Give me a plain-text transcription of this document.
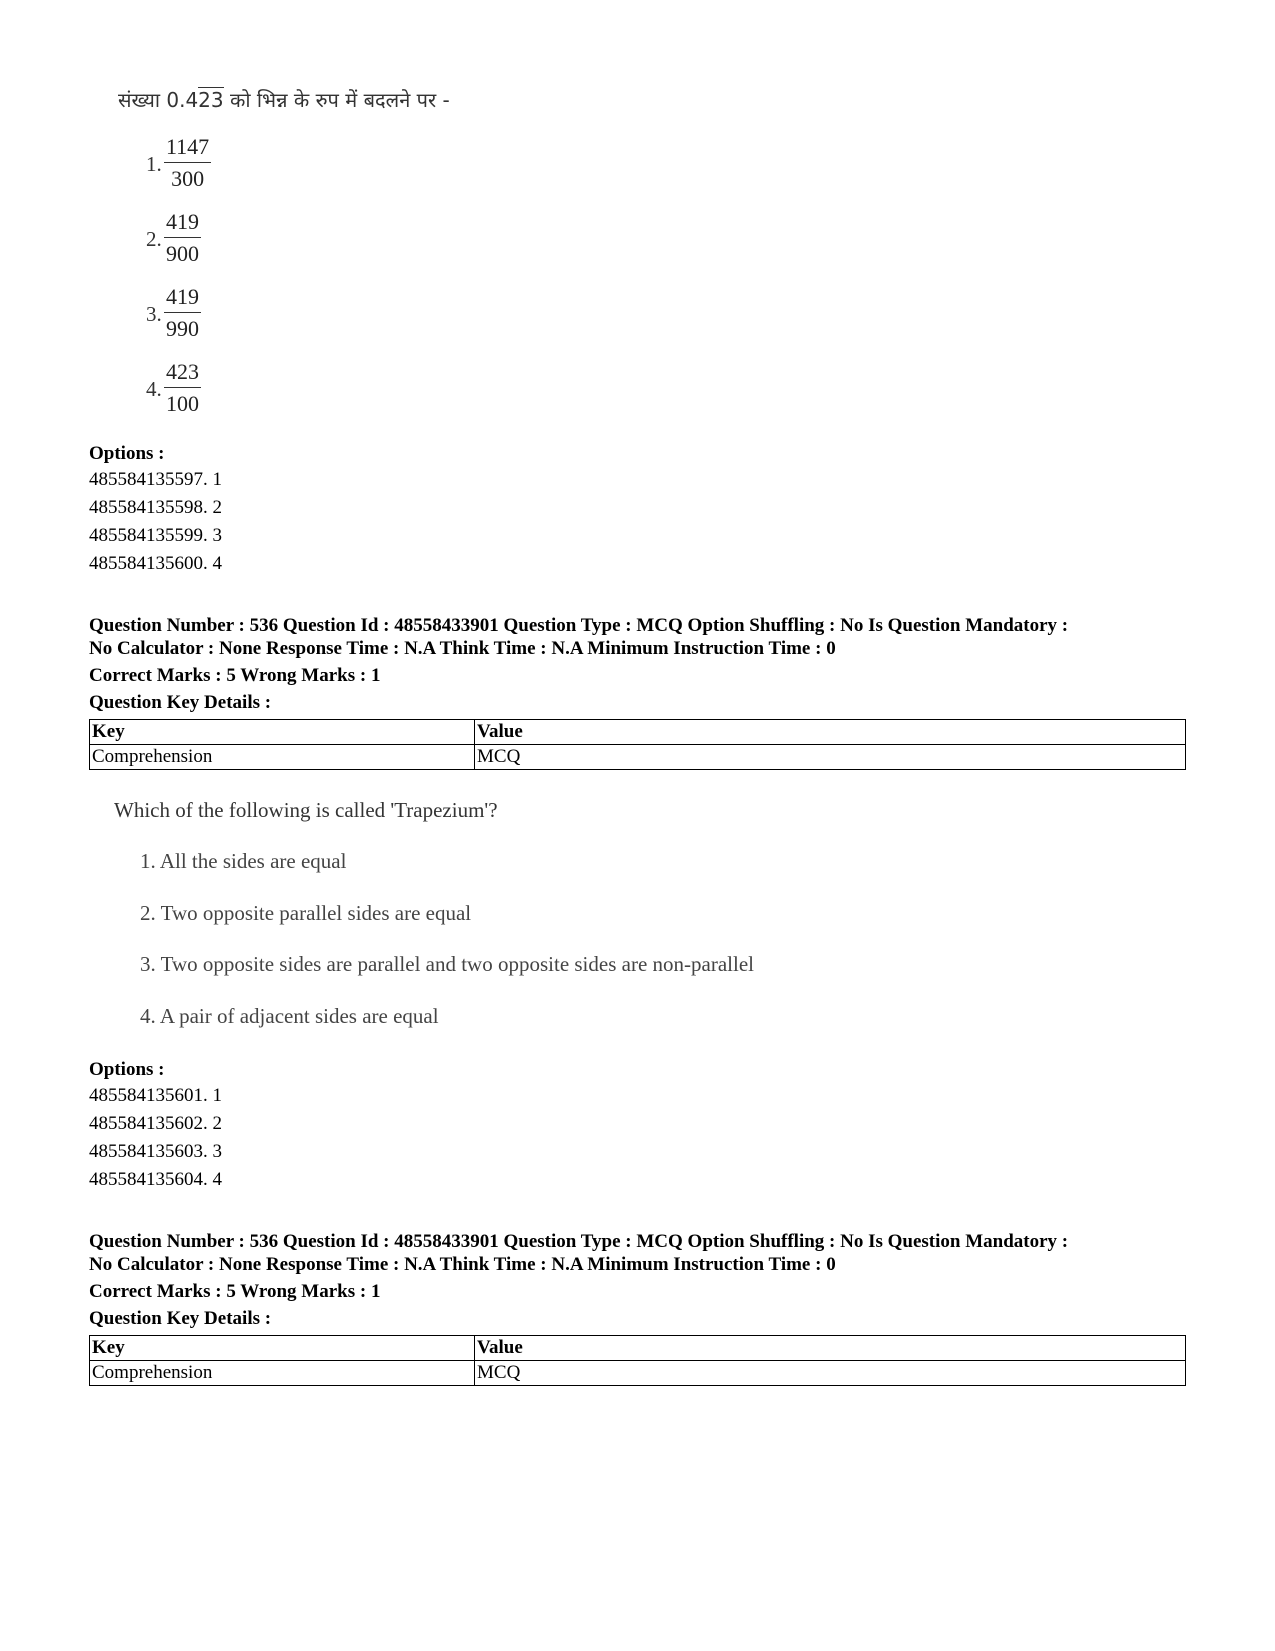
संख्या 0.423 को भिन्न के रुप में बदलने पर -
1. $\frac{1147}{300}$
2. $\frac{419}{900}$
3. $\frac{419}{990}$
4. $\frac{423}{100}$
Options :
485584135597. 1
485584135598. 2
485584135599. 3
485584135600. 4
Question Number : 536 Question Id : 48558433901 Question Type : MCQ Option Shuffling : No Is Question Mandatory :
No Calculator : None Response Time : N.A Think Time : N.A Minimum Instruction Time : 0
Correct Marks : 5 Wrong Marks : 1
Question Key Details :
Key	Value
Comprehension	MCQ
Which of the following is called 'Trapezium'?
1. All the sides are equal
2. Two opposite parallel sides are equal
3. Two opposite sides are parallel and two opposite sides are non-parallel
4. A pair of adjacent sides are equal
Options :
485584135601. 1
485584135602. 2
485584135603. 3
485584135604. 4
Question Number : 536 Question Id : 48558433901 Question Type : MCQ Option Shuffling : No Is Question Mandatory :
No Calculator : None Response Time : N.A Think Time : N.A Minimum Instruction Time : 0
Correct Marks : 5 Wrong Marks : 1
Question Key Details :
Key	Value
Comprehension	MCQ
